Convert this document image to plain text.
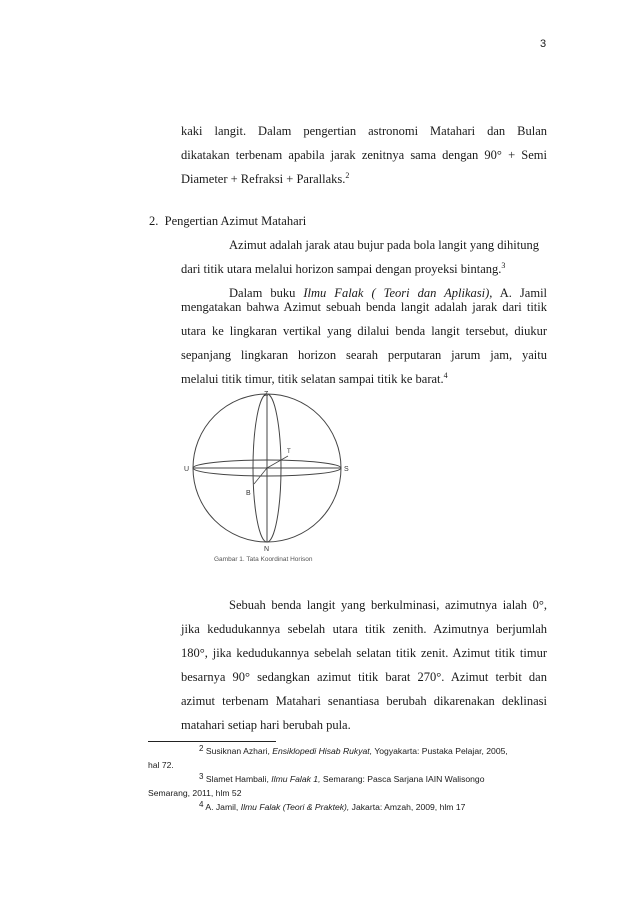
3
kaki langit. Dalam pengertian astronomi Matahari dan Bulan
dikatakan terbenam apabila jarak zenitnya sama dengan 90° + Semi
Diameter + Refraksi + Parallaks.$^2$
2. Pengertian Azimut Matahari
Azimut adalah jarak atau bujur pada bola langit yang dihitung
dari titik utara melalui horizon sampai dengan proyeksi bintang.$^3$
Dalam buku Ilmu Falak ( Teori dan Aplikasi), A. Jamil
mengatakan bahwa Azimut sebuah benda langit adalah jarak dari titik
utara ke lingkaran vertikal yang dilalui benda langit tersebut, diukur
sepanjang lingkaran horizon searah perputaran jarum jam, yaitu
melalui titik timur, titik selatan sampai titik ke barat.$^4$
Z
N
U	S
B
T
Gambar 1. Tata Koordinat Horison
Sebuah benda langit yang berkulminasi, azimutnya ialah 0°,
jika kedudukannya sebelah utara titik zenith. Azimutnya berjumlah
180°, jika kedudukannya sebelah selatan titik zenit. Azimut titik timur
besarnya 90° sedangkan azimut titik barat 270°. Azimut terbit dan
azimut terbenam Matahari senantiasa berubah dikarenakan deklinasi
matahari setiap hari berubah pula.
$^2$ Susiknan Azhari, Ensiklopedi Hisab Rukyat, Yogyakarta: Pustaka Pelajar, 2005,
hal 72.
$^3$ Slamet Hambali, Ilmu Falak 1, Semarang: Pasca Sarjana IAIN Walisongo
Semarang, 2011, hlm 52
$^4$ A. Jamil, Ilmu Falak (Teori & Praktek), Jakarta: Amzah, 2009, hlm 17
